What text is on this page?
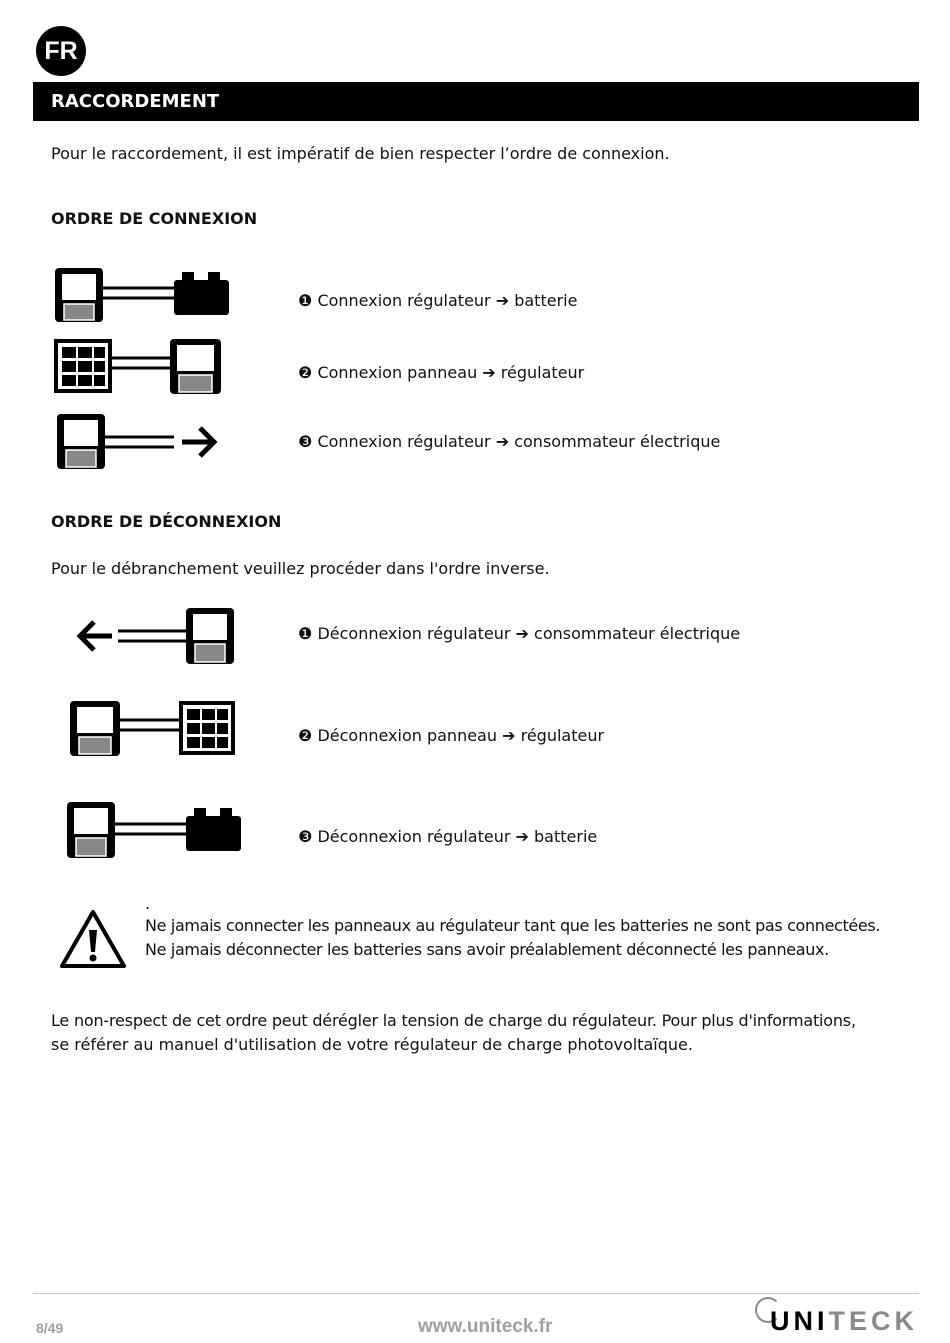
FR
RACCORDEMENT
Pour le raccordement, il est impératif de bien respecter l’ordre de connexion.
ORDRE DE CONNEXION
❶ Connexion régulateur ➔ batterie
❷ Connexion panneau ➔ régulateur
❸ Connexion régulateur ➔ consommateur électrique
ORDRE DE DÉCONNEXION
Pour le débranchement veuillez procéder dans l'ordre inverse.
❶ Déconnexion régulateur ➔ consommateur électrique
❷ Déconnexion panneau ➔ régulateur
❸ Déconnexion régulateur ➔ batterie
.
Ne jamais connecter les panneaux au régulateur tant que les batteries ne sont pas connectées.
Ne jamais déconnecter les batteries sans avoir préalablement déconnecté les panneaux.
Le non-respect de cet ordre peut dérégler la tension de charge du régulateur. Pour plus d'informations,
se référer au manuel d'utilisation de votre régulateur de charge photovoltaïque.
8/49	www.uniteck.fr	UNITECK
